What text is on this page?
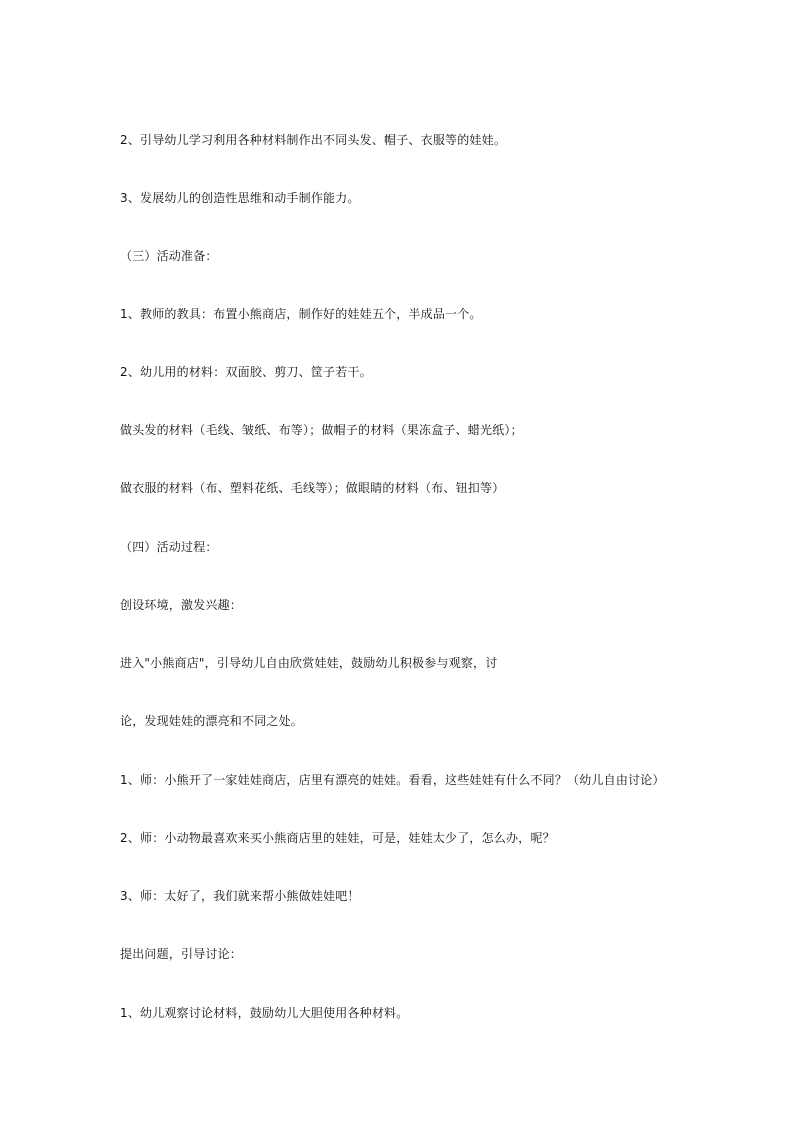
2、引导幼儿学习利用各种材料制作出不同头发、帽子、衣服等的娃娃。

3、发展幼儿的创造性思维和动手制作能力。

（三）活动准备：

1、教师的教具：布置小熊商店，制作好的娃娃五个，半成品一个。

2、幼儿用的材料：双面胶、剪刀、筐子若干。

做头发的材料（毛线、皱纸、布等）；做帽子的材料（果冻盒子、蜡光纸）；

做衣服的材料（布、塑料花纸、毛线等）；做眼睛的材料（布、钮扣等）

（四）活动过程：

创设环境，激发兴趣：

进入"小熊商店"，引导幼儿自由欣赏娃娃，鼓励幼儿积极参与观察，讨

论，发现娃娃的漂亮和不同之处。

1、师：小熊开了一家娃娃商店，店里有漂亮的娃娃。看看，这些娃娃有什么不同？（幼儿自由讨论）

2、师：小动物最喜欢来买小熊商店里的娃娃，可是，娃娃太少了，怎么办，呢？

3、师：太好了，我们就来帮小熊做娃娃吧！

提出问题，引导讨论：

1、幼儿观察讨论材料，鼓励幼儿大胆使用各种材料。
